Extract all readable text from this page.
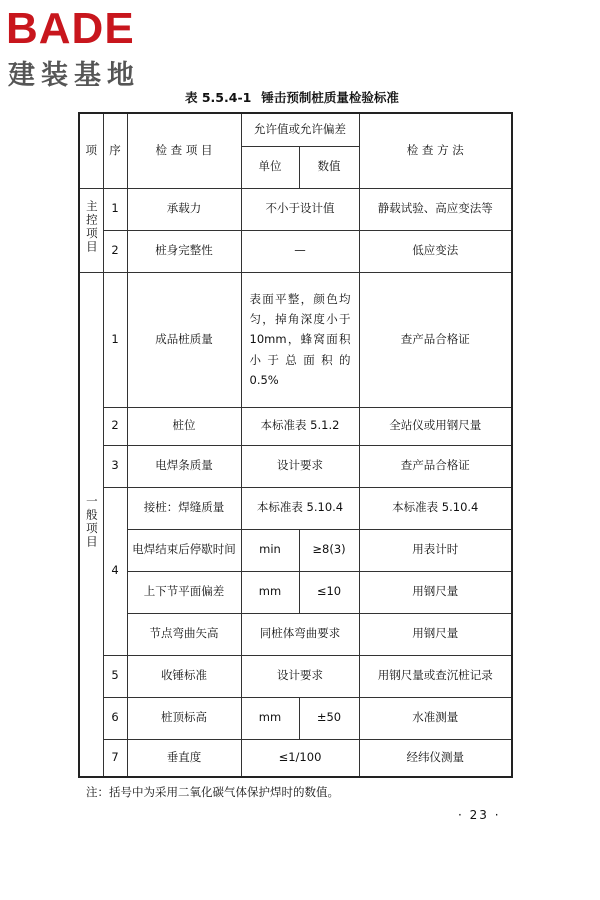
BADE
建装基地
表 5.5.4-1 锤击预制桩质量检验标准
项	序	检 查 项 目	允许值或允许偏差		检 查 方 法
			单位	数值	
主控项目	1	承载力	不小于设计值		静载试验、高应变法等
	2	桩身完整性	—		低应变法
一般项目	1	成品桩质量	表面平整，颜色均匀，掉角深度小于10mm，蜂窝面积小于总面积的 0.5%		查产品合格证
	2	桩位	本标准表 5.1.2		全站仪或用钢尺量
	3	电焊条质量	设计要求		查产品合格证
	4	接桩：焊缝质量	本标准表 5.10.4		本标准表 5.10.4
		电焊结束后停歇时间	min	≥8(3)	用表计时
		上下节平面偏差	mm	≤10	用钢尺量
		节点弯曲矢高	同桩体弯曲要求		用钢尺量
	5	收锤标准	设计要求		用钢尺量或查沉桩记录
	6	桩顶标高	mm	±50	水准测量
	7	垂直度	≤1/100		经纬仪测量
注：括号中为采用二氧化碳气体保护焊时的数值。
· 23 ·
